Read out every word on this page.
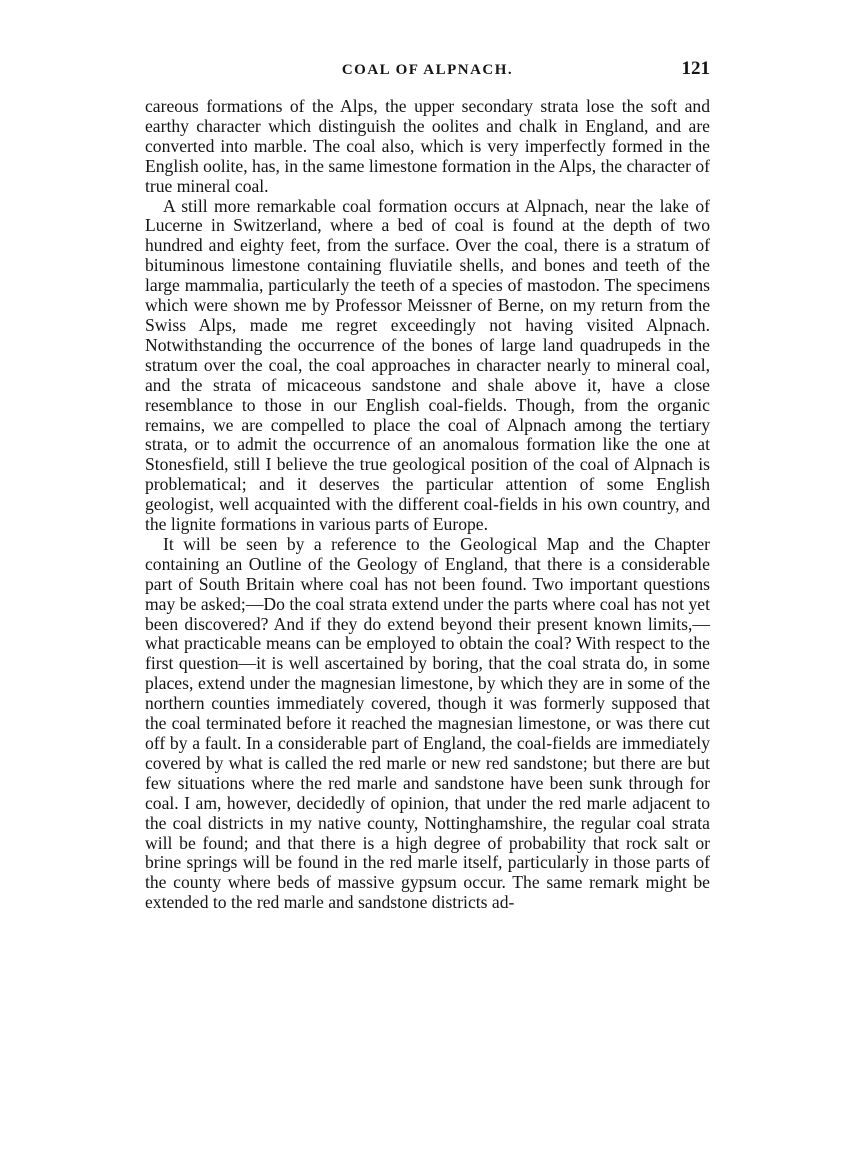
COAL OF ALPNACH.	121

careous formations of the Alps, the upper secondary strata lose the soft and earthy character which distinguish the oolites and chalk in England, and are converted into marble. The coal also, which is very imperfectly formed in the English oolite, has, in the same limestone formation in the Alps, the character of true mineral coal.

A still more remarkable coal formation occurs at Alpnach, near the lake of Lucerne in Switzerland, where a bed of coal is found at the depth of two hundred and eighty feet, from the surface. Over the coal, there is a stratum of bituminous limestone containing fluviatile shells, and bones and teeth of the large mammalia, particularly the teeth of a species of mastodon. The specimens which were shown me by Professor Meissner of Berne, on my return from the Swiss Alps, made me regret exceedingly not having visited Alpnach. Notwithstanding the occurrence of the bones of large land quadrupeds in the stratum over the coal, the coal approaches in character nearly to mineral coal, and the strata of micaceous sandstone and shale above it, have a close resemblance to those in our English coal-fields. Though, from the organic remains, we are compelled to place the coal of Alpnach among the tertiary strata, or to admit the occurrence of an anomalous formation like the one at Stonesfield, still I believe the true geological position of the coal of Alpnach is problematical; and it deserves the particular attention of some English geologist, well acquainted with the different coal-fields in his own country, and the lignite formations in various parts of Europe.

It will be seen by a reference to the Geological Map and the Chapter containing an Outline of the Geology of England, that there is a considerable part of South Britain where coal has not been found. Two important questions may be asked;—Do the coal strata extend under the parts where coal has not yet been discovered? And if they do extend beyond their present known limits,—what practicable means can be employed to obtain the coal? With respect to the first question—it is well ascertained by boring, that the coal strata do, in some places, extend under the magnesian limestone, by which they are in some of the northern counties immediately covered, though it was formerly supposed that the coal terminated before it reached the magnesian limestone, or was there cut off by a fault. In a considerable part of England, the coal-fields are immediately covered by what is called the red marle or new red sandstone; but there are but few situations where the red marle and sandstone have been sunk through for coal. I am, however, decidedly of opinion, that under the red marle adjacent to the coal districts in my native county, Nottinghamshire, the regular coal strata will be found; and that there is a high degree of probability that rock salt or brine springs will be found in the red marle itself, particularly in those parts of the county where beds of massive gypsum occur. The same remark might be extended to the red marle and sandstone districts ad-
